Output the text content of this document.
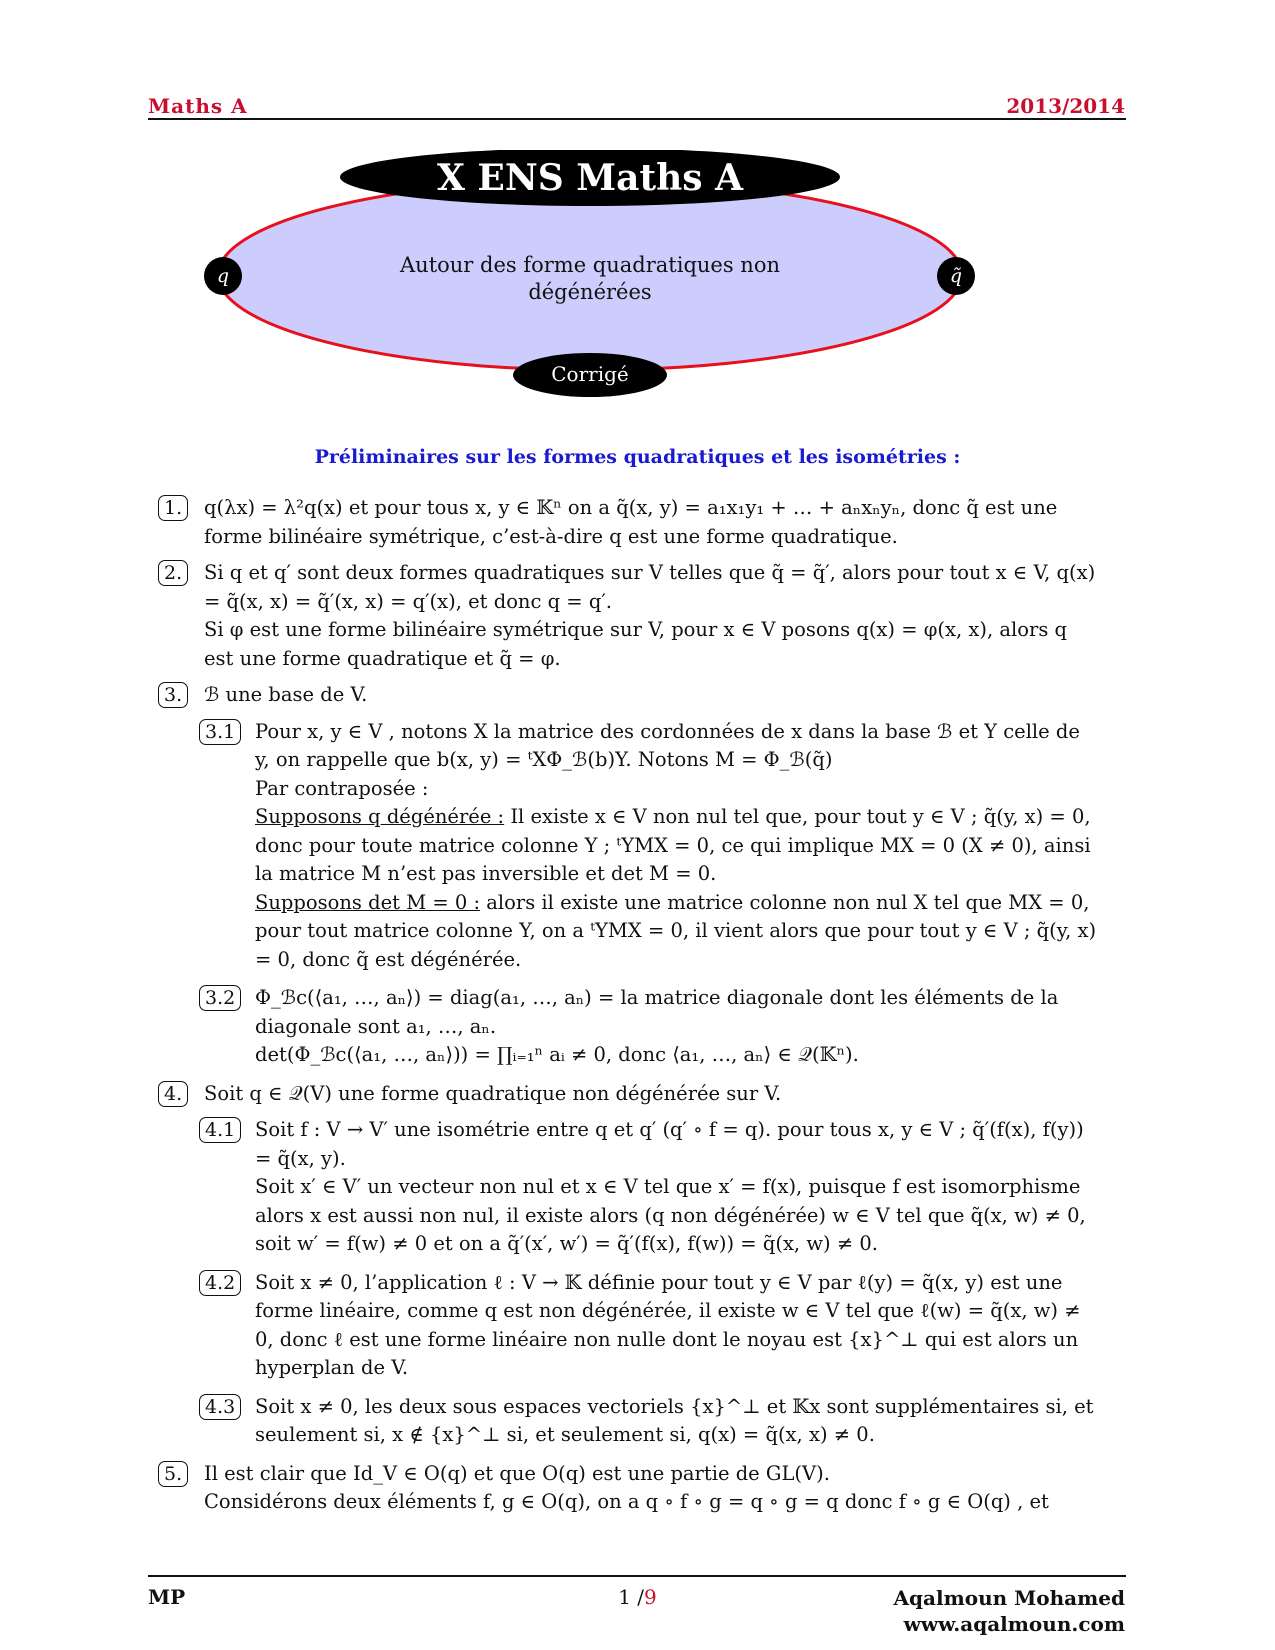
Maths A	2013/2014
X ENS Maths A
Autour des forme quadratiques non
dégénérées
q	q̃
Corrigé
Préliminaires sur les formes quadratiques et les isométries :
1.	q(λx) = λ²q(x) et pour tous x, y ∈ 𝕂ⁿ on a q̃(x, y) = a₁x₁y₁ + … + aₙxₙyₙ, donc q̃ est une forme bilinéaire symétrique, c’est-à-dire q est une forme quadratique.

2.	Si q et q′ sont deux formes quadratiques sur V telles que q̃ = q̃′, alors pour tout x ∈ V, q(x) = q̃(x, x) = q̃′(x, x) = q′(x), et donc q = q′.

Si φ est une forme bilinéaire symétrique sur V, pour x ∈ V posons q(x) = φ(x, x), alors q est une forme quadratique et q̃ = φ.

3.	ℬ une base de V.

3.1	Pour x, y ∈ V , notons X la matrice des cordonnées de x dans la base ℬ et Y celle de y, on rappelle que b(x, y) = ᵗXΦ_ℬ(b)Y. Notons M = Φ_ℬ(q̃)

Par contraposée :

Supposons q dégénérée : Il existe x ∈ V non nul tel que, pour tout y ∈ V ; q̃(y, x) = 0, donc pour toute matrice colonne Y ; ᵗYMX = 0, ce qui implique MX = 0 (X ≠ 0), ainsi la matrice M n’est pas inversible et det M = 0.

Supposons det M = 0 : alors il existe une matrice colonne non nul X tel que MX = 0, pour tout matrice colonne Y, on a ᵗYMX = 0, il vient alors que pour tout y ∈ V ; q̃(y, x) = 0, donc q̃ est dégénérée.

3.2	Φ_ℬc(⟨a₁, …, aₙ⟩) = diag(a₁, …, aₙ) = la matrice diagonale dont les éléments de la diagonale sont a₁, …, aₙ.

det(Φ_ℬc(⟨a₁, …, aₙ⟩)) = ∏ᵢ₌₁ⁿ aᵢ ≠ 0, donc ⟨a₁, …, aₙ⟩ ∈ 𝒬(𝕂ⁿ).

4.	Soit q ∈ 𝒬(V) une forme quadratique non dégénérée sur V.

4.1	Soit f : V → V′ une isométrie entre q et q′ (q′ ∘ f = q). pour tous x, y ∈ V ; q̃′(f(x), f(y)) = q̃(x, y).

Soit x′ ∈ V′ un vecteur non nul et x ∈ V tel que x′ = f(x), puisque f est isomorphisme alors x est aussi non nul, il existe alors (q non dégénérée) w ∈ V tel que q̃(x, w) ≠ 0, soit w′ = f(w) ≠ 0 et on a q̃′(x′, w′) = q̃′(f(x), f(w)) = q̃(x, w) ≠ 0.

4.2	Soit x ≠ 0, l’application ℓ : V → 𝕂 définie pour tout y ∈ V par ℓ(y) = q̃(x, y) est une forme linéaire, comme q est non dégénérée, il existe w ∈ V tel que ℓ(w) = q̃(x, w) ≠ 0, donc ℓ est une forme linéaire non nulle dont le noyau est {x}^⊥ qui est alors un hyperplan de V.

4.3	Soit x ≠ 0, les deux sous espaces vectoriels {x}^⊥ et 𝕂x sont supplémentaires si, et seulement si, x ∉ {x}^⊥ si, et seulement si, q(x) = q̃(x, x) ≠ 0.

5.	Il est clair que Id_V ∈ O(q) et que O(q) est une partie de GL(V).

Considérons deux éléments f, g ∈ O(q), on a q ∘ f ∘ g = q ∘ g = q donc f ∘ g ∈ O(q) , et

MP	1 /9	Aqalmoun Mohamed
www.aqalmoun.com
